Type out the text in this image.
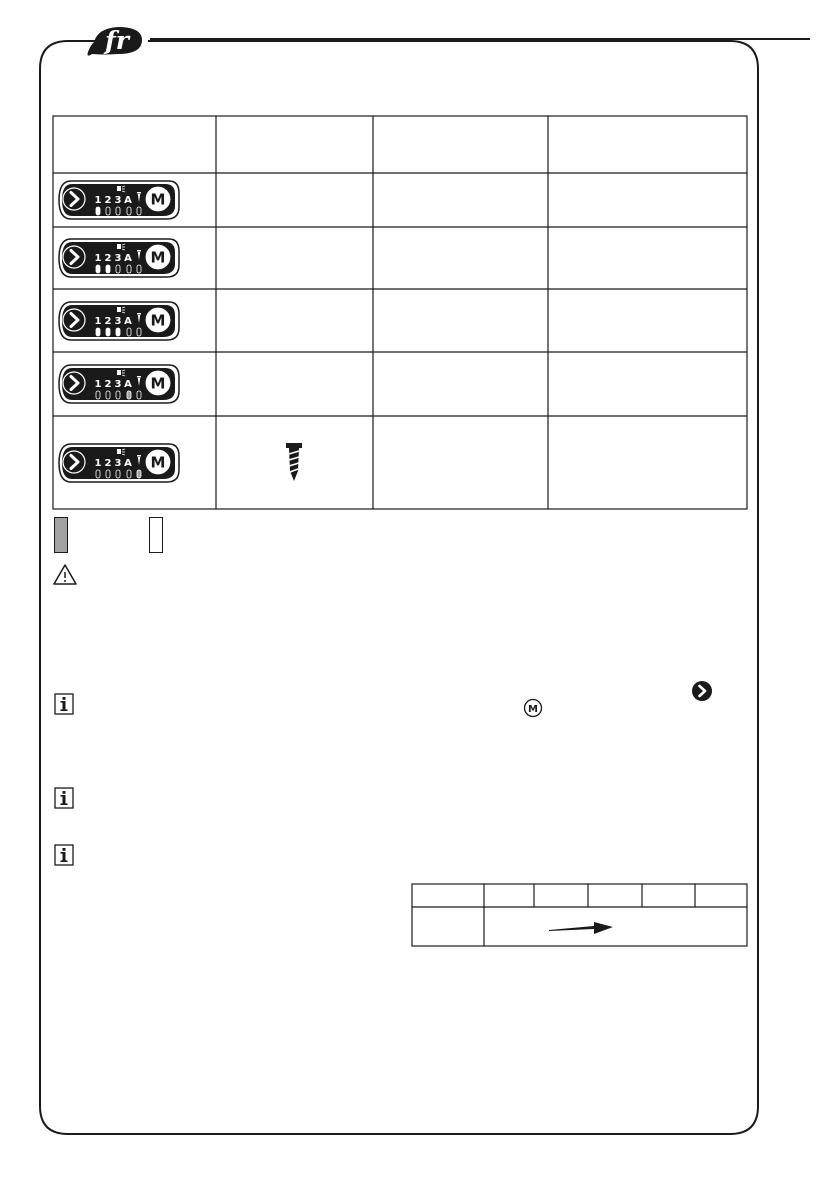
fr
1 2 3 A M
1 2 3 A M
1 2 3 A M
1 2 3 A M
1 2 3 A M
M
